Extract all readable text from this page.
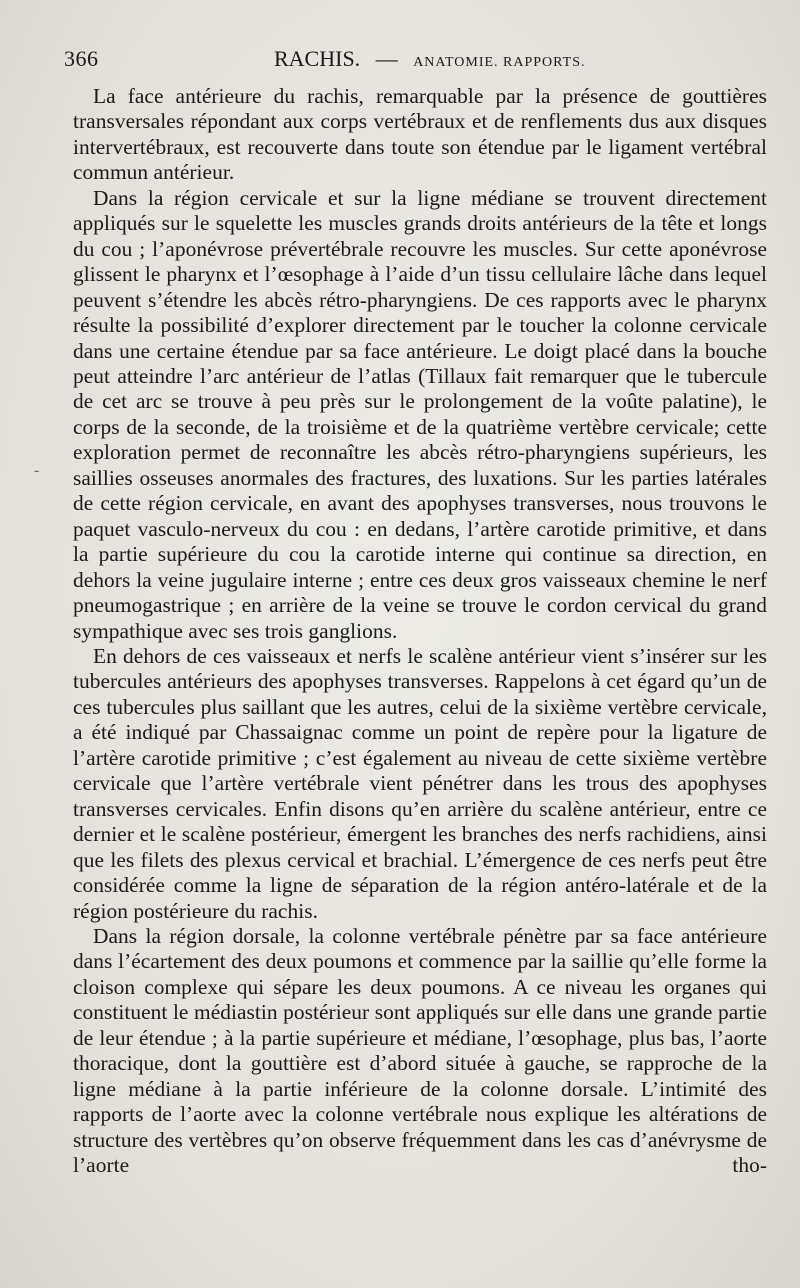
366	RACHIS. — ANATOMIE. RAPPORTS.
-

La face antérieure du rachis, remarquable par la présence de gouttières transversales répondant aux corps vertébraux et de renflements dus aux disques intervertébraux, est recouverte dans toute son étendue par le ligament vertébral commun antérieur.

Dans la région cervicale et sur la ligne médiane se trouvent directement appliqués sur le squelette les muscles grands droits antérieurs de la tête et longs du cou ; l’aponévrose prévertébrale recouvre les muscles. Sur cette aponévrose glissent le pharynx et l’œsophage à l’aide d’un tissu cellulaire lâche dans lequel peuvent s’étendre les abcès rétro-pharyngiens. De ces rapports avec le pharynx résulte la possibilité d’explorer directement par le toucher la colonne cervicale dans une certaine étendue par sa face antérieure. Le doigt placé dans la bouche peut atteindre l’arc antérieur de l’atlas (Tillaux fait remarquer que le tubercule de cet arc se trouve à peu près sur le prolongement de la voûte palatine), le corps de la seconde, de la troisième et de la quatrième vertèbre cervicale; cette exploration permet de reconnaître les abcès rétro-pharyngiens supérieurs, les saillies osseuses anormales des fractures, des luxations. Sur les parties latérales de cette région cervicale, en avant des apophyses transverses, nous trouvons le paquet vasculo-nerveux du cou : en dedans, l’artère carotide primitive, et dans la partie supérieure du cou la carotide interne qui continue sa direction, en dehors la veine jugulaire interne ; entre ces deux gros vaisseaux chemine le nerf pneumogastrique ; en arrière de la veine se trouve le cordon cervical du grand sympathique avec ses trois ganglions.

En dehors de ces vaisseaux et nerfs le scalène antérieur vient s’insérer sur les tubercules antérieurs des apophyses transverses. Rappelons à cet égard qu’un de ces tubercules plus saillant que les autres, celui de la sixième vertèbre cervicale, a été indiqué par Chassaignac comme un point de repère pour la ligature de l’artère carotide primitive ; c’est également au niveau de cette sixième vertèbre cervicale que l’artère vertébrale vient pénétrer dans les trous des apophyses transverses cervicales. Enfin disons qu’en arrière du scalène antérieur, entre ce dernier et le scalène postérieur, émergent les branches des nerfs rachidiens, ainsi que les filets des plexus cervical et brachial. L’émergence de ces nerfs peut être considérée comme la ligne de séparation de la région antéro-latérale et de la région postérieure du rachis.

Dans la région dorsale, la colonne vertébrale pénètre par sa face antérieure dans l’écartement des deux poumons et commence par la saillie qu’elle forme la cloison complexe qui sépare les deux poumons. A ce niveau les organes qui constituent le médiastin postérieur sont appliqués sur elle dans une grande partie de leur étendue ; à la partie supérieure et médiane, l’œsophage, plus bas, l’aorte thoracique, dont la gouttière est d’abord située à gauche, se rapproche de la ligne médiane à la partie inférieure de la colonne dorsale. L’intimité des rapports de l’aorte avec la colonne vertébrale nous explique les altérations de structure des vertèbres qu’on observe fréquemment dans les cas d’anévrysme de l’aorte tho-
